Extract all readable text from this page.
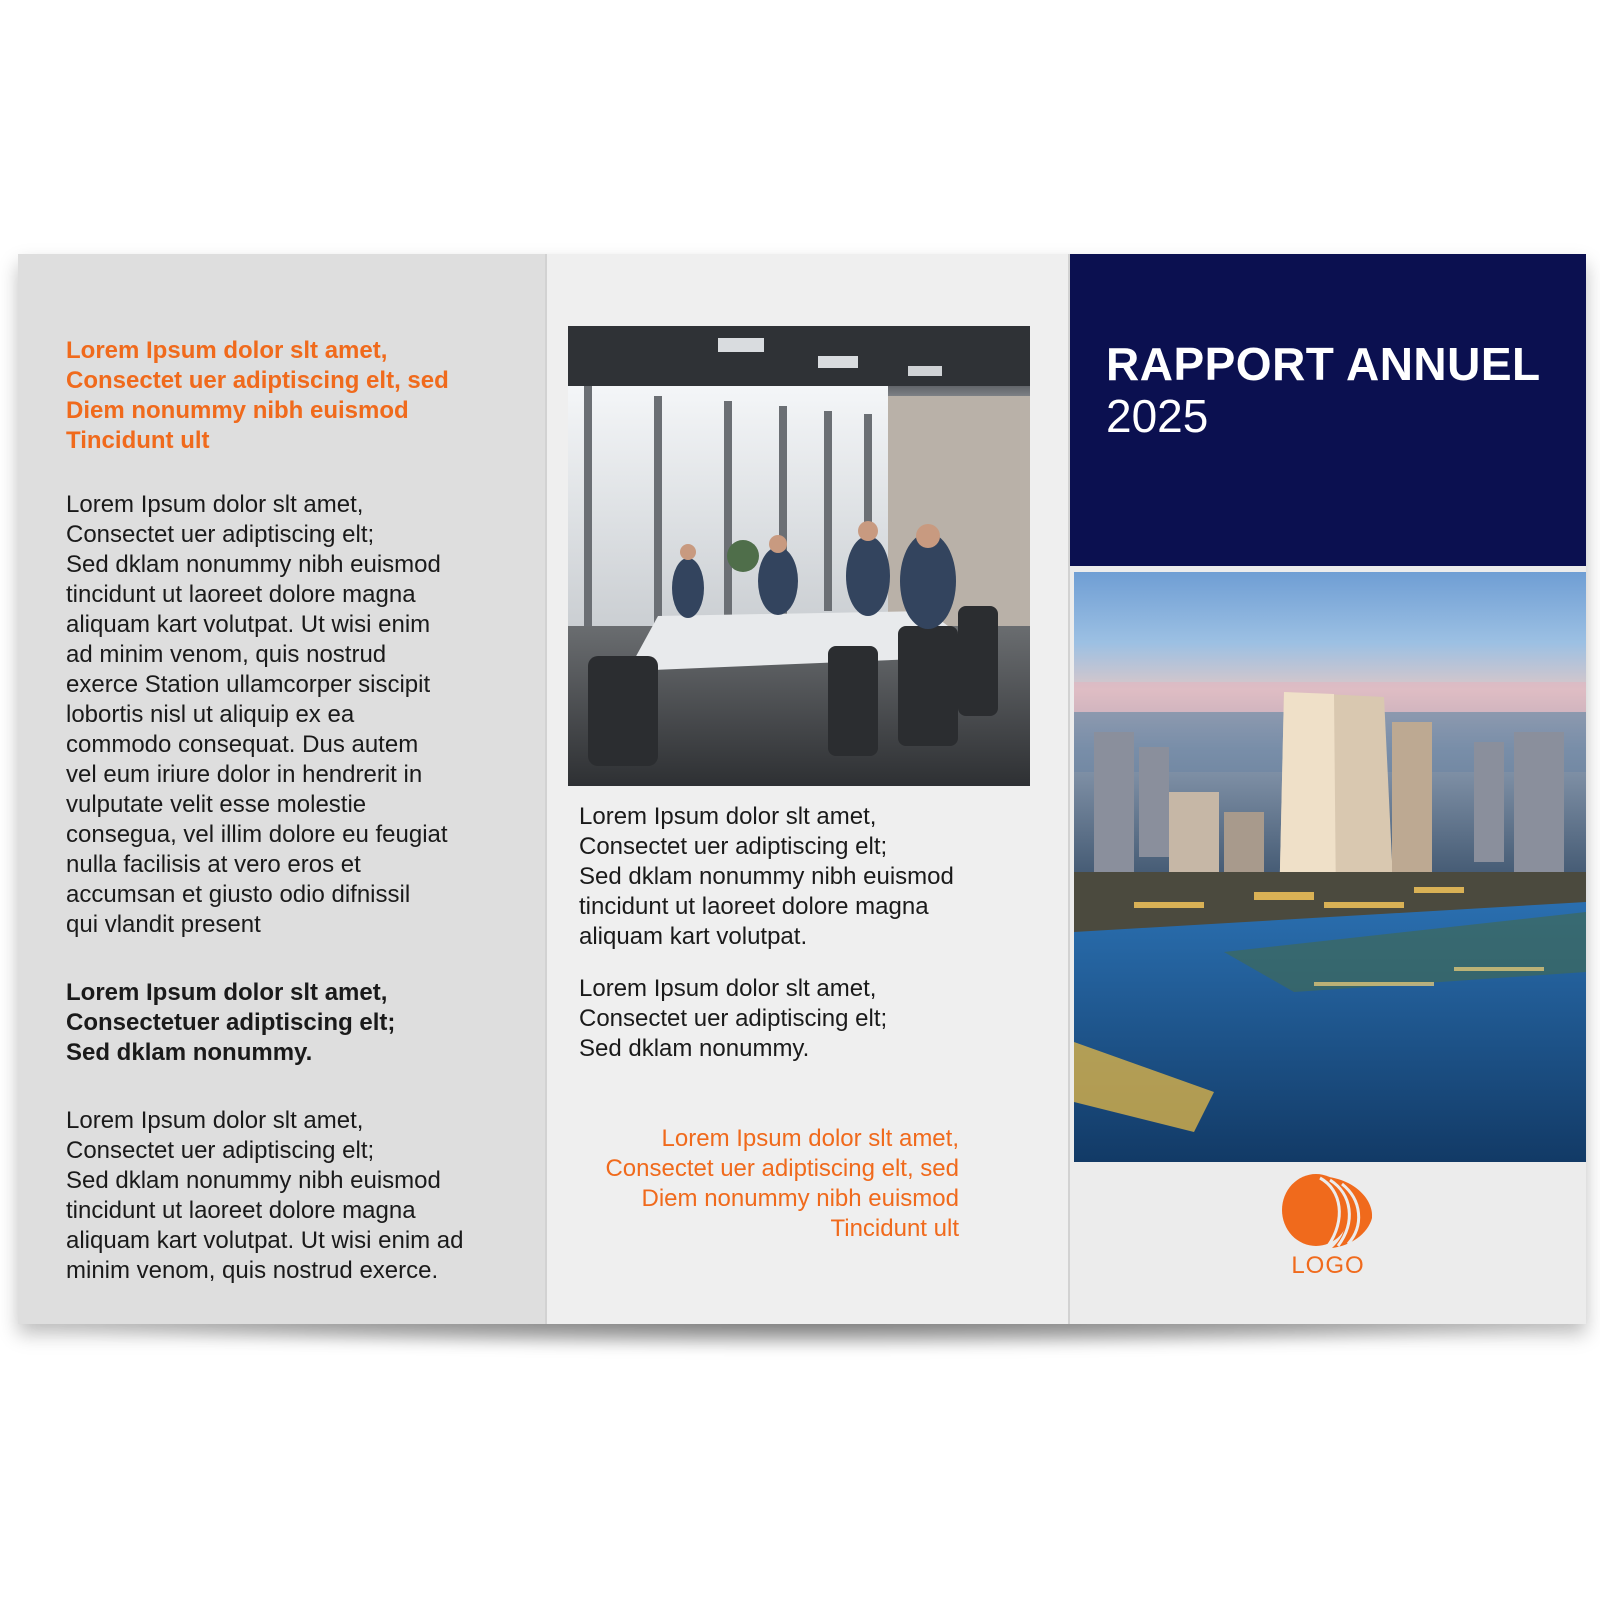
Lorem Ipsum dolor slt amet,
Consectet uer adiptiscing elt, sed
Diem nonummy nibh euismod
Tincidunt ult

Lorem Ipsum dolor slt amet,
Consectet uer adiptiscing elt;
Sed dklam nonummy nibh euismod
tincidunt ut laoreet dolore magna
aliquam kart volutpat. Ut wisi enim
ad minim venom, quis nostrud
exerce Station ullamcorper siscipit
lobortis nisl ut aliquip ex ea
commodo consequat. Dus autem
vel eum iriure dolor in hendrerit in
vulputate velit esse molestie
consegua, vel illim dolore eu feugiat
nulla facilisis at vero eros et
accumsan et giusto odio difnissil
qui vlandit present

Lorem Ipsum dolor slt amet,
Consectetuer adiptiscing elt;
Sed dklam nonummy.

Lorem Ipsum dolor slt amet,
Consectet uer adiptiscing elt;
Sed dklam nonummy nibh euismod
tincidunt ut laoreet dolore magna
aliquam kart volutpat. Ut wisi enim ad
minim venom, quis nostrud exerce.

Lorem Ipsum dolor slt amet,
Consectet uer adiptiscing elt;
Sed dklam nonummy nibh euismod
tincidunt ut laoreet dolore magna
aliquam kart volutpat.

Lorem Ipsum dolor slt amet,
Consectet uer adiptiscing elt;
Sed dklam nonummy.

Lorem Ipsum dolor slt amet,
Consectet uer adiptiscing elt, sed
Diem nonummy nibh euismod
Tincidunt ult

RAPPORT ANNUEL

2025

LOGO
